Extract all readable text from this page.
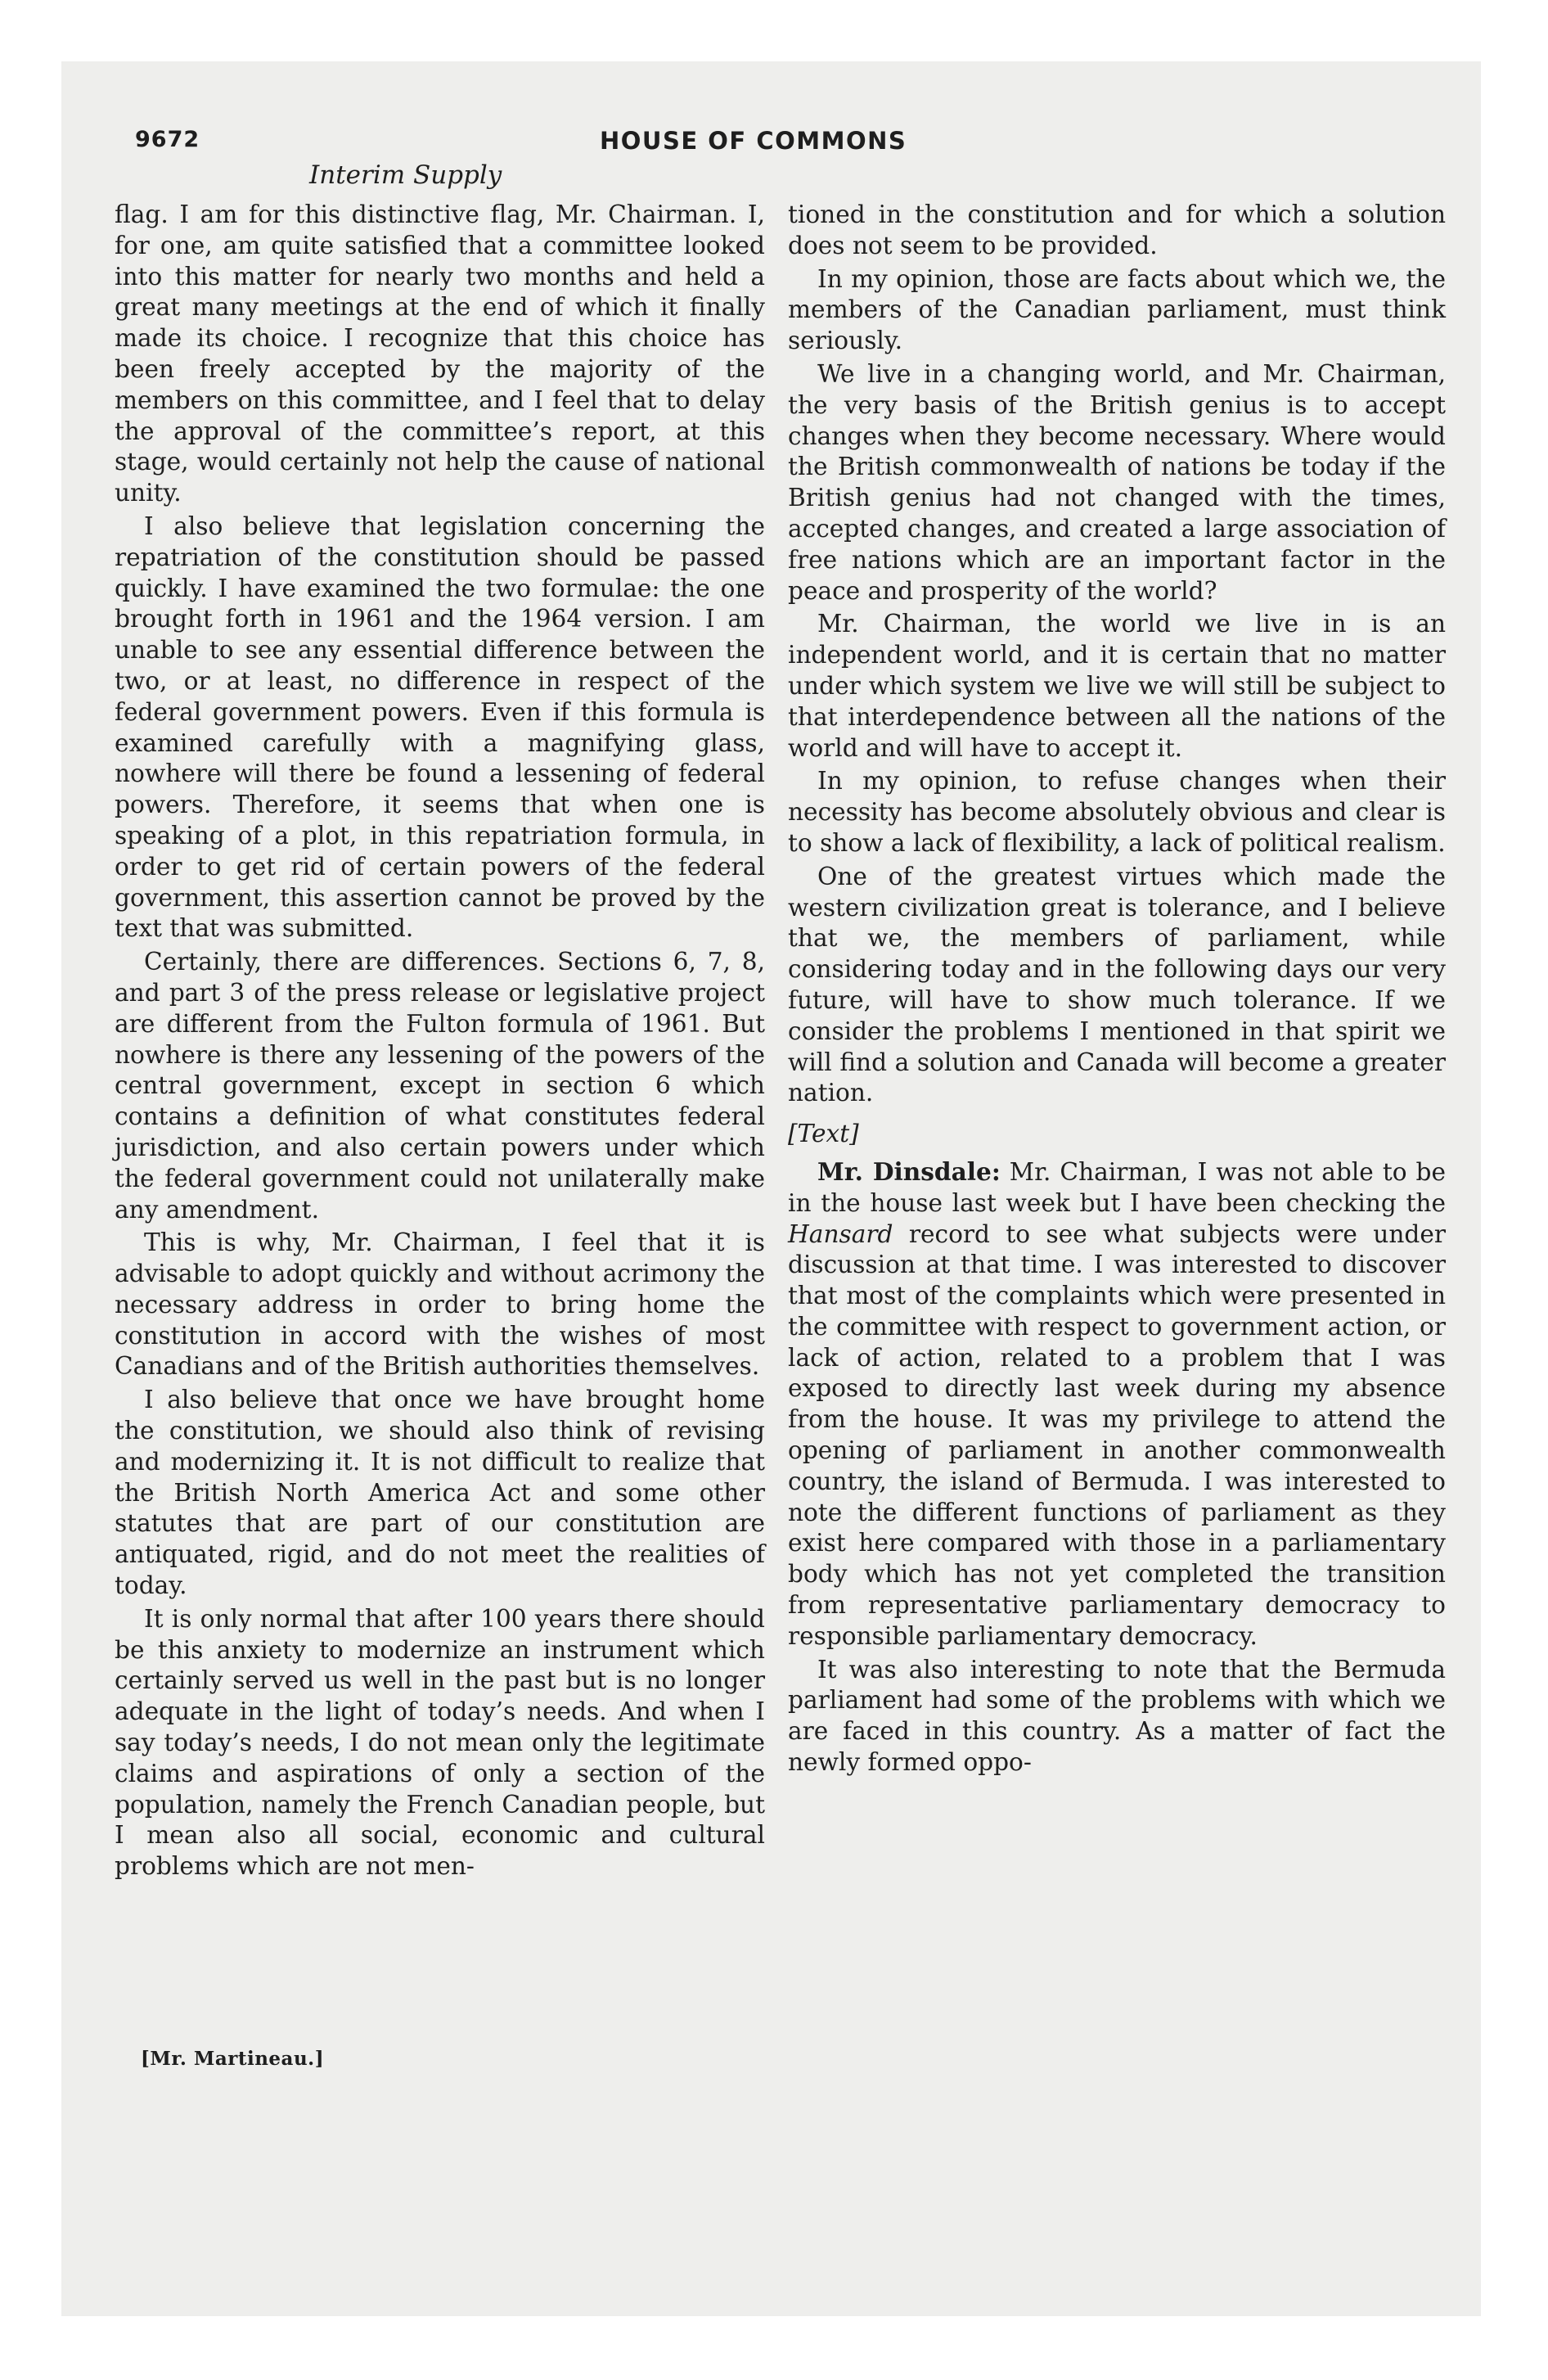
9672	HOUSE OF COMMONS
Interim Supply

flag. I am for this distinctive flag, Mr. Chairman. I, for one, am quite satisfied that a committee looked into this matter for nearly two months and held a great many meetings at the end of which it finally made its choice. I recognize that this choice has been freely accepted by the majority of the members on this committee, and I feel that to delay the approval of the committee’s report, at this stage, would certainly not help the cause of national unity.

I also believe that legislation concerning the repatriation of the constitution should be passed quickly. I have examined the two formulae: the one brought forth in 1961 and the 1964 version. I am unable to see any essential difference between the two, or at least, no difference in respect of the federal government powers. Even if this formula is examined carefully with a magnifying glass, nowhere will there be found a lessening of federal powers. Therefore, it seems that when one is speaking of a plot, in this repatriation formula, in order to get rid of certain powers of the federal government, this assertion cannot be proved by the text that was submitted.

Certainly, there are differences. Sections 6, 7, 8, and part 3 of the press release or legislative project are different from the Fulton formula of 1961. But nowhere is there any lessening of the powers of the central government, except in section 6 which contains a definition of what constitutes federal jurisdiction, and also certain powers under which the federal government could not unilaterally make any amendment.

This is why, Mr. Chairman, I feel that it is advisable to adopt quickly and without acrimony the necessary address in order to bring home the constitution in accord with the wishes of most Canadians and of the British authorities themselves.

I also believe that once we have brought home the constitution, we should also think of revising and modernizing it. It is not difficult to realize that the British North America Act and some other statutes that are part of our constitution are antiquated, rigid, and do not meet the realities of today.

It is only normal that after 100 years there should be this anxiety to modernize an instrument which certainly served us well in the past but is no longer adequate in the light of today’s needs. And when I say today’s needs, I do not mean only the legitimate claims and aspirations of only a section of the population, namely the French Canadian people, but I mean also all social, economic and cultural problems which are not men-

tioned in the constitution and for which a solution does not seem to be provided.

In my opinion, those are facts about which we, the members of the Canadian parliament, must think seriously.

We live in a changing world, and Mr. Chairman, the very basis of the British genius is to accept changes when they become necessary. Where would the British commonwealth of nations be today if the British genius had not changed with the times, accepted changes, and created a large association of free nations which are an important factor in the peace and prosperity of the world?

Mr. Chairman, the world we live in is an independent world, and it is certain that no matter under which system we live we will still be subject to that interdependence between all the nations of the world and will have to accept it.

In my opinion, to refuse changes when their necessity has become absolutely obvious and clear is to show a lack of flexibility, a lack of political realism.

One of the greatest virtues which made the western civilization great is tolerance, and I believe that we, the members of parliament, while considering today and in the following days our very future, will have to show much tolerance. If we consider the problems I mentioned in that spirit we will find a solution and Canada will become a greater nation.

[Text]

Mr. Dinsdale: Mr. Chairman, I was not able to be in the house last week but I have been checking the Hansard record to see what subjects were under discussion at that time. I was interested to discover that most of the complaints which were presented in the committee with respect to government action, or lack of action, related to a problem that I was exposed to directly last week during my absence from the house. It was my privilege to attend the opening of parliament in another commonwealth country, the island of Bermuda. I was interested to note the different functions of parliament as they exist here compared with those in a parliamentary body which has not yet completed the transition from representative parliamentary democracy to responsible parliamentary democracy.

It was also interesting to note that the Bermuda parliament had some of the problems with which we are faced in this country. As a matter of fact the newly formed oppo-

[Mr. Martineau.]
